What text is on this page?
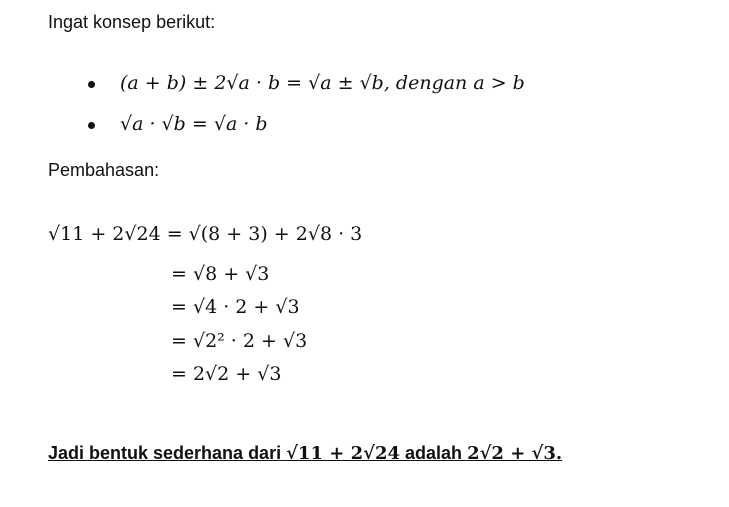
Ingat konsep berikut:
(a + b) ± 2√a · b = √a ± √b, dengan a > b
√a · √b = √a · b
Pembahasan:
√11 + 2√24 = √(8 + 3) + 2√8 · 3
= √8 + √3
= √4 · 2 + √3
= √2² · 2 + √3
= 2√2 + √3
Jadi bentuk sederhana dari √11 + 2√24 adalah 2√2 + √3.
